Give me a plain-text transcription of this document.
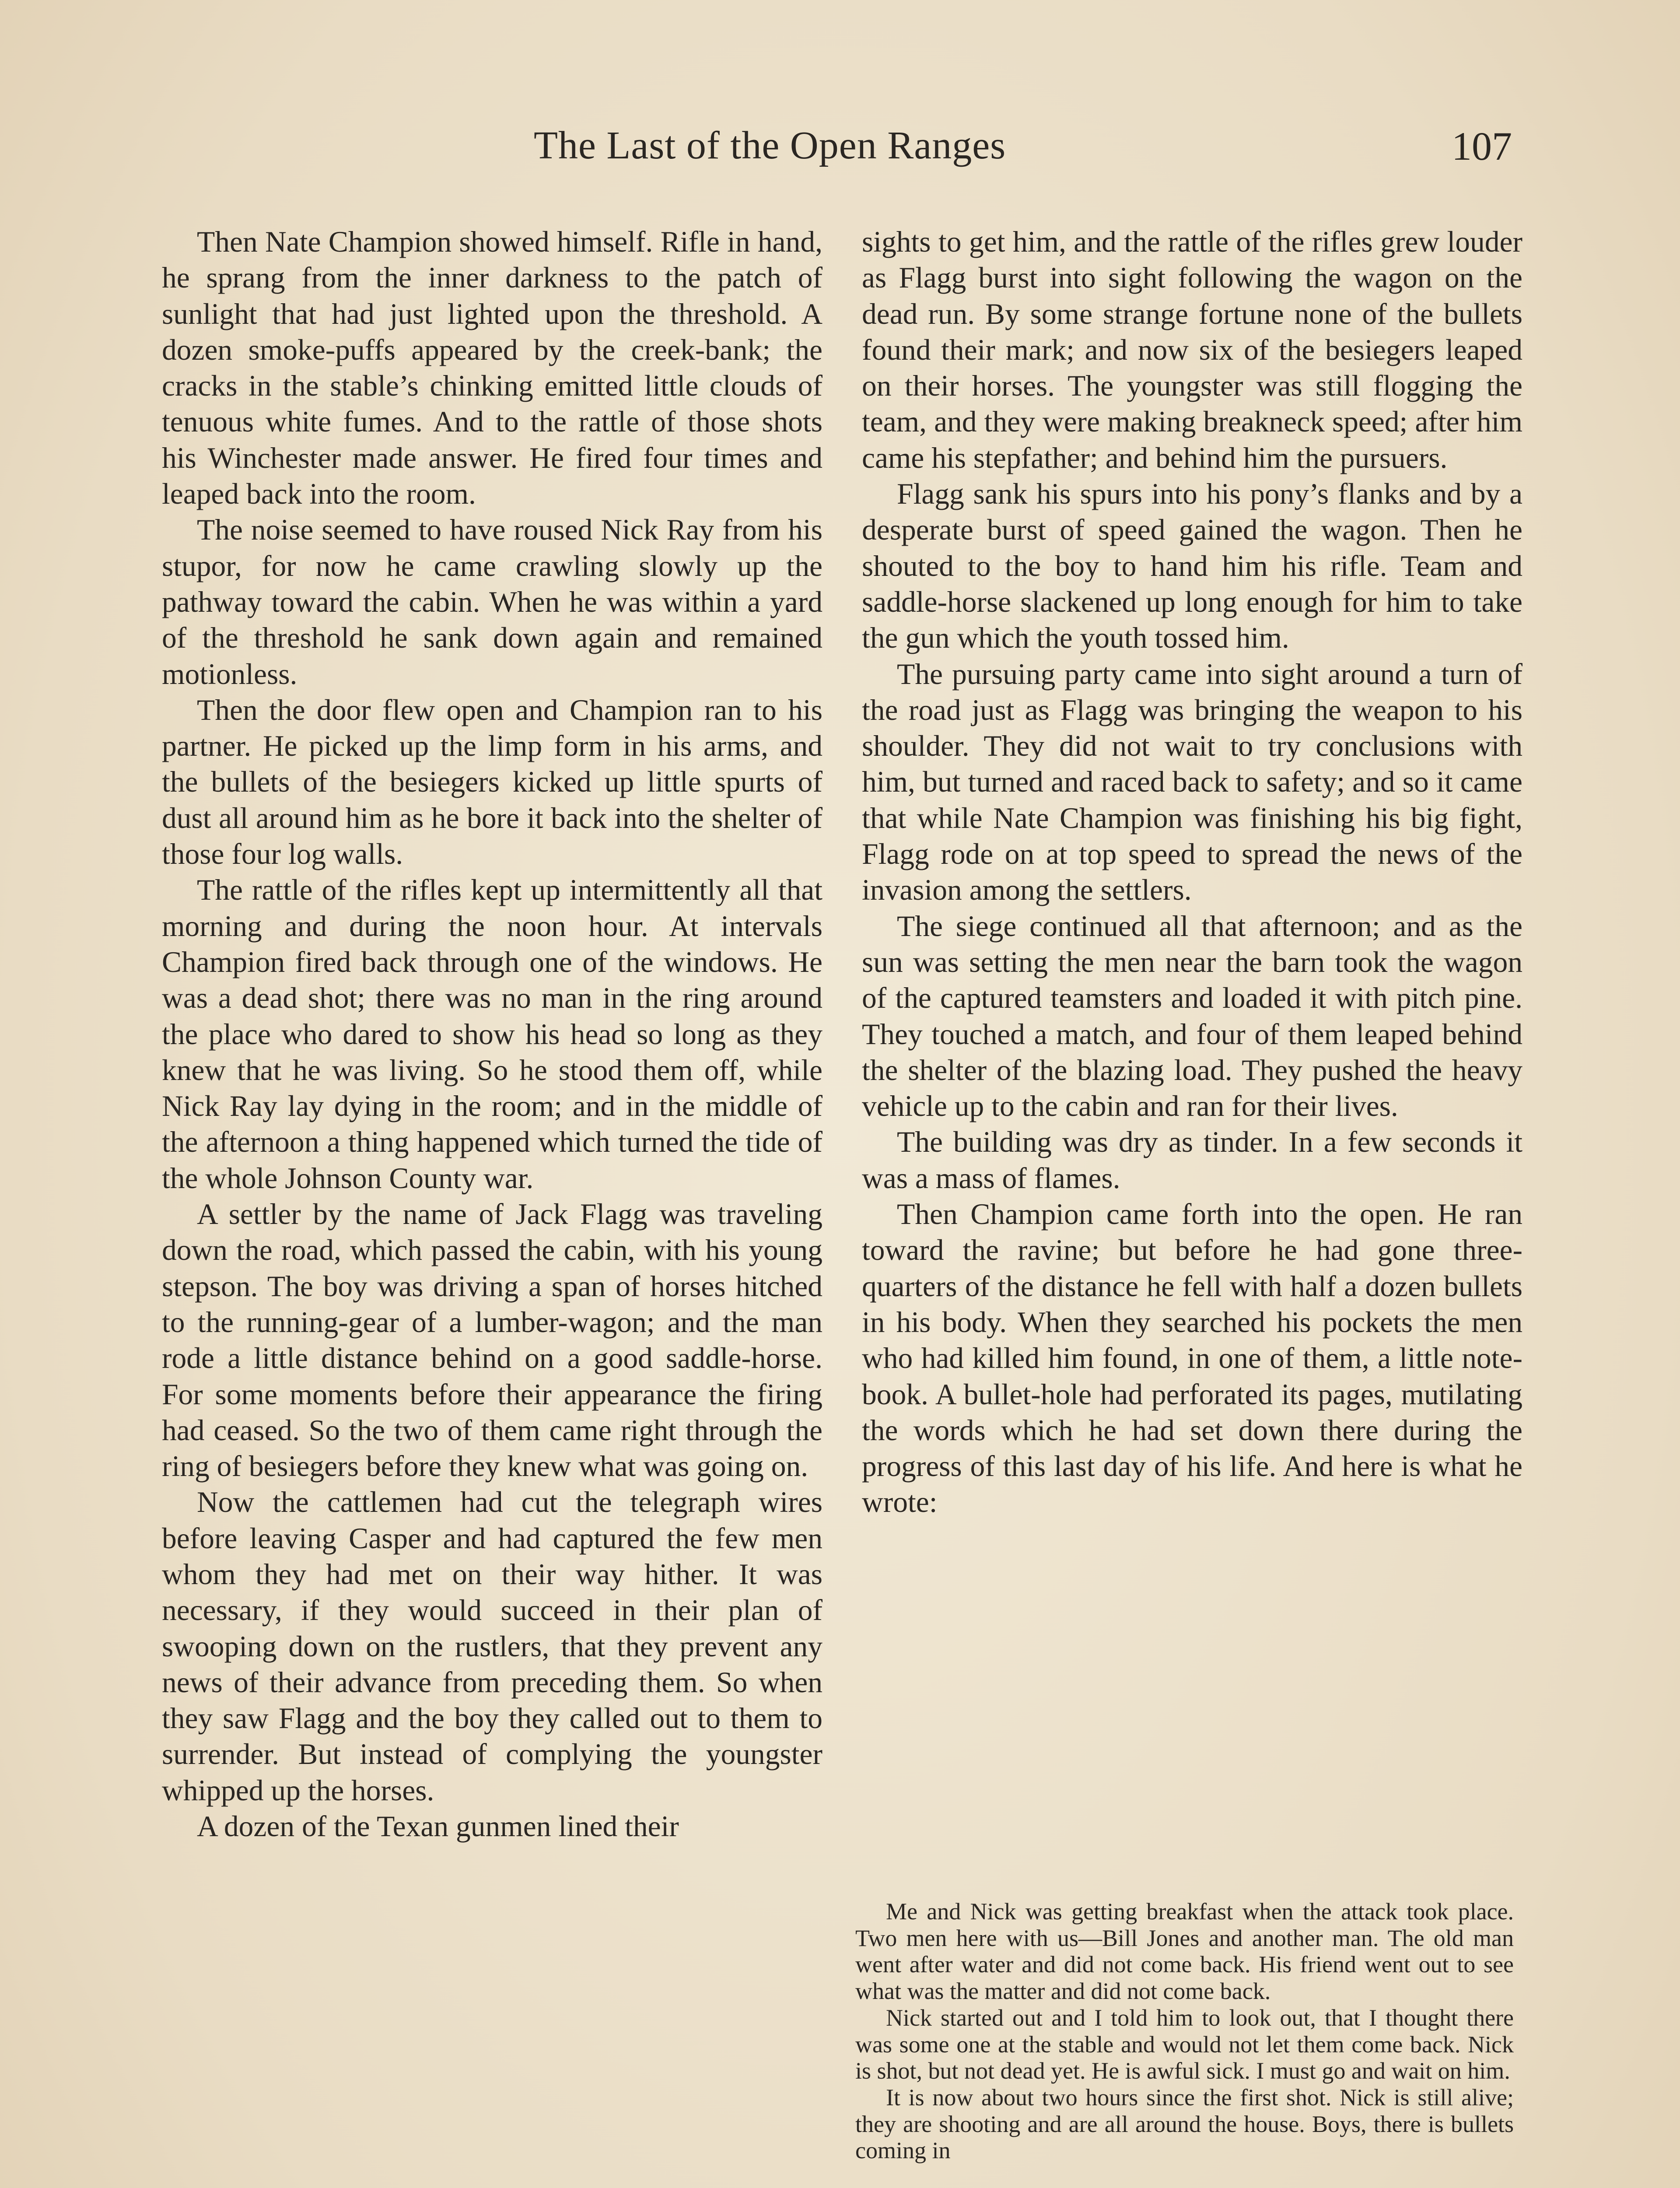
The Last of the Open Ranges	107

Then Nate Champion showed himself. Rifle in hand, he sprang from the inner darkness to the patch of sunlight that had just lighted upon the threshold. A dozen smoke-puffs appeared by the creek-bank; the cracks in the stable’s chinking emitted little clouds of tenuous white fumes. And to the rattle of those shots his Winchester made answer. He fired four times and leaped back into the room.

The noise seemed to have roused Nick Ray from his stupor, for now he came crawling slowly up the pathway toward the cabin. When he was within a yard of the threshold he sank down again and remained motionless.

Then the door flew open and Champion ran to his partner. He picked up the limp form in his arms, and the bullets of the besiegers kicked up little spurts of dust all around him as he bore it back into the shelter of those four log walls.

The rattle of the rifles kept up intermittently all that morning and during the noon hour. At intervals Champion fired back through one of the windows. He was a dead shot; there was no man in the ring around the place who dared to show his head so long as they knew that he was living. So he stood them off, while Nick Ray lay dying in the room; and in the middle of the afternoon a thing happened which turned the tide of the whole Johnson County war.

A settler by the name of Jack Flagg was traveling down the road, which passed the cabin, with his young stepson. The boy was driving a span of horses hitched to the running-gear of a lumber-wagon; and the man rode a little distance behind on a good saddle-horse. For some moments before their appearance the firing had ceased. So the two of them came right through the ring of besiegers before they knew what was going on.

Now the cattlemen had cut the telegraph wires before leaving Casper and had captured the few men whom they had met on their way hither. It was necessary, if they would succeed in their plan of swooping down on the rustlers, that they prevent any news of their advance from preceding them. So when they saw Flagg and the boy they called out to them to surrender. But instead of complying the youngster whipped up the horses.

A dozen of the Texan gunmen lined their

sights to get him, and the rattle of the rifles grew louder as Flagg burst into sight following the wagon on the dead run. By some strange fortune none of the bullets found their mark; and now six of the besiegers leaped on their horses. The youngster was still flogging the team, and they were making breakneck speed; after him came his stepfather; and behind him the pursuers.

Flagg sank his spurs into his pony’s flanks and by a desperate burst of speed gained the wagon. Then he shouted to the boy to hand him his rifle. Team and saddle-horse slackened up long enough for him to take the gun which the youth tossed him.

The pursuing party came into sight around a turn of the road just as Flagg was bringing the weapon to his shoulder. They did not wait to try conclusions with him, but turned and raced back to safety; and so it came that while Nate Champion was finishing his big fight, Flagg rode on at top speed to spread the news of the invasion among the settlers.

The siege continued all that afternoon; and as the sun was setting the men near the barn took the wagon of the captured teamsters and loaded it with pitch pine. They touched a match, and four of them leaped behind the shelter of the blazing load. They pushed the heavy vehicle up to the cabin and ran for their lives.

The building was dry as tinder. In a few seconds it was a mass of flames.

Then Champion came forth into the open. He ran toward the ravine; but before he had gone three-quarters of the distance he fell with half a dozen bullets in his body. When they searched his pockets the men who had killed him found, in one of them, a little note-book. A bullet-hole had perforated its pages, mutilating the words which he had set down there during the progress of this last day of his life. And here is what he wrote:

Me and Nick was getting breakfast when the attack took place. Two men here with us—Bill Jones and another man. The old man went after water and did not come back. His friend went out to see what was the matter and did not come back.

Nick started out and I told him to look out, that I thought there was some one at the stable and would not let them come back. Nick is shot, but not dead yet. He is awful sick. I must go and wait on him.

It is now about two hours since the first shot. Nick is still alive; they are shooting and are all around the house. Boys, there is bullets coming in
